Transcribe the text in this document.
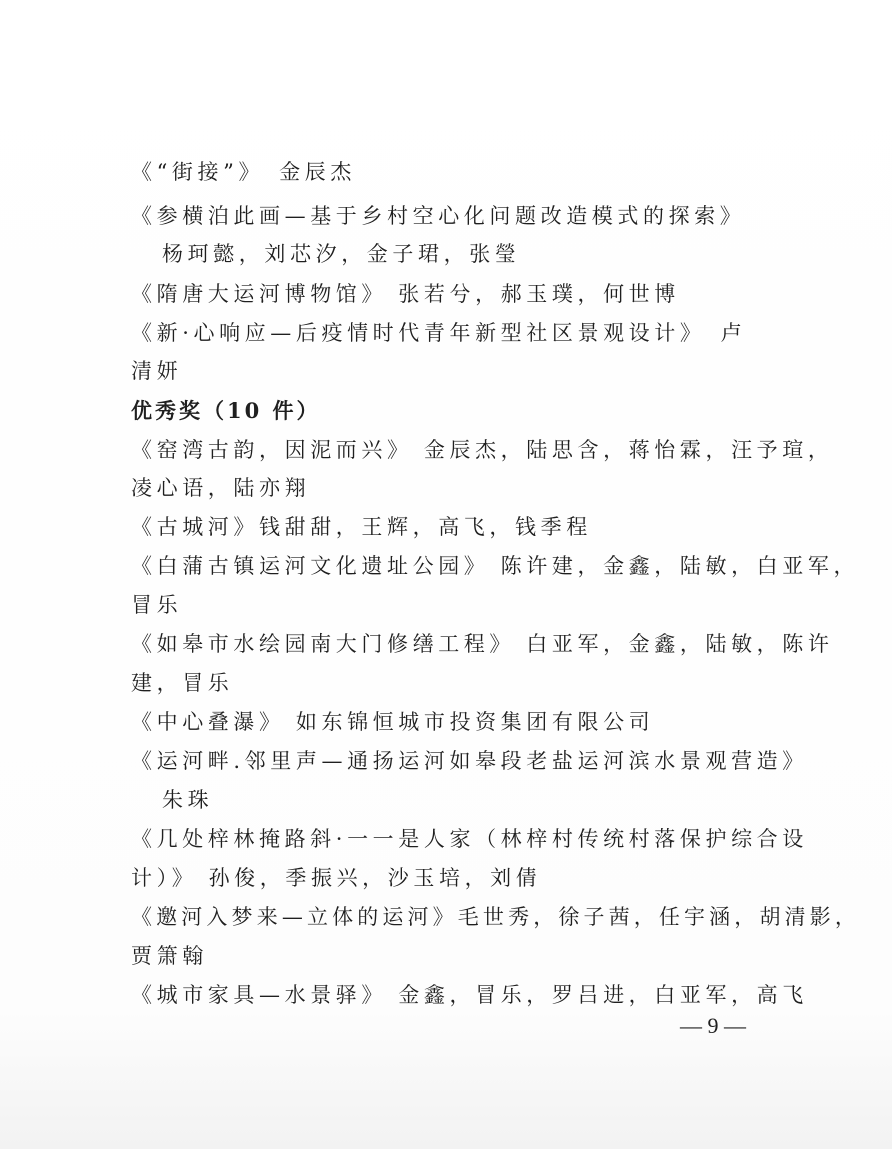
《“街接”》　金辰杰
《参横泊此画—基于乡村空心化问题改造模式的探索》
杨珂懿，刘芯汐，金子珺，张瑩
《隋唐大运河博物馆》 张若兮，郝玉璞，何世博
《新·心响应—后疫情时代青年新型社区景观设计》　卢
清妍
优秀奖（10 件）
《窑湾古韵，因泥而兴》 金辰杰，陆思含，蒋怡霖，汪予瑄，
凌心语，陆亦翔
《古城河》钱甜甜，王辉，高飞，钱季程
《白蒲古镇运河文化遗址公园》 陈许建，金鑫，陆敏，白亚军，
冒乐
《如皋市水绘园南大门修缮工程》 白亚军，金鑫，陆敏，陈许
建，冒乐
《中心叠瀑》 如东锦恒城市投资集团有限公司
《运河畔.邻里声—通扬运河如皋段老盐运河滨水景观营造》
朱珠
《几处梓林掩路斜·一一是人家（林梓村传统村落保护综合设
计）》 孙俊，季振兴，沙玉培，刘倩
《邀河入梦来—立体的运河》毛世秀，徐子茜，任宇涵，胡清影，
贾箫翰
《城市家具—水景驿》 金鑫，冒乐，罗吕进，白亚军，高飞
— 9 —
